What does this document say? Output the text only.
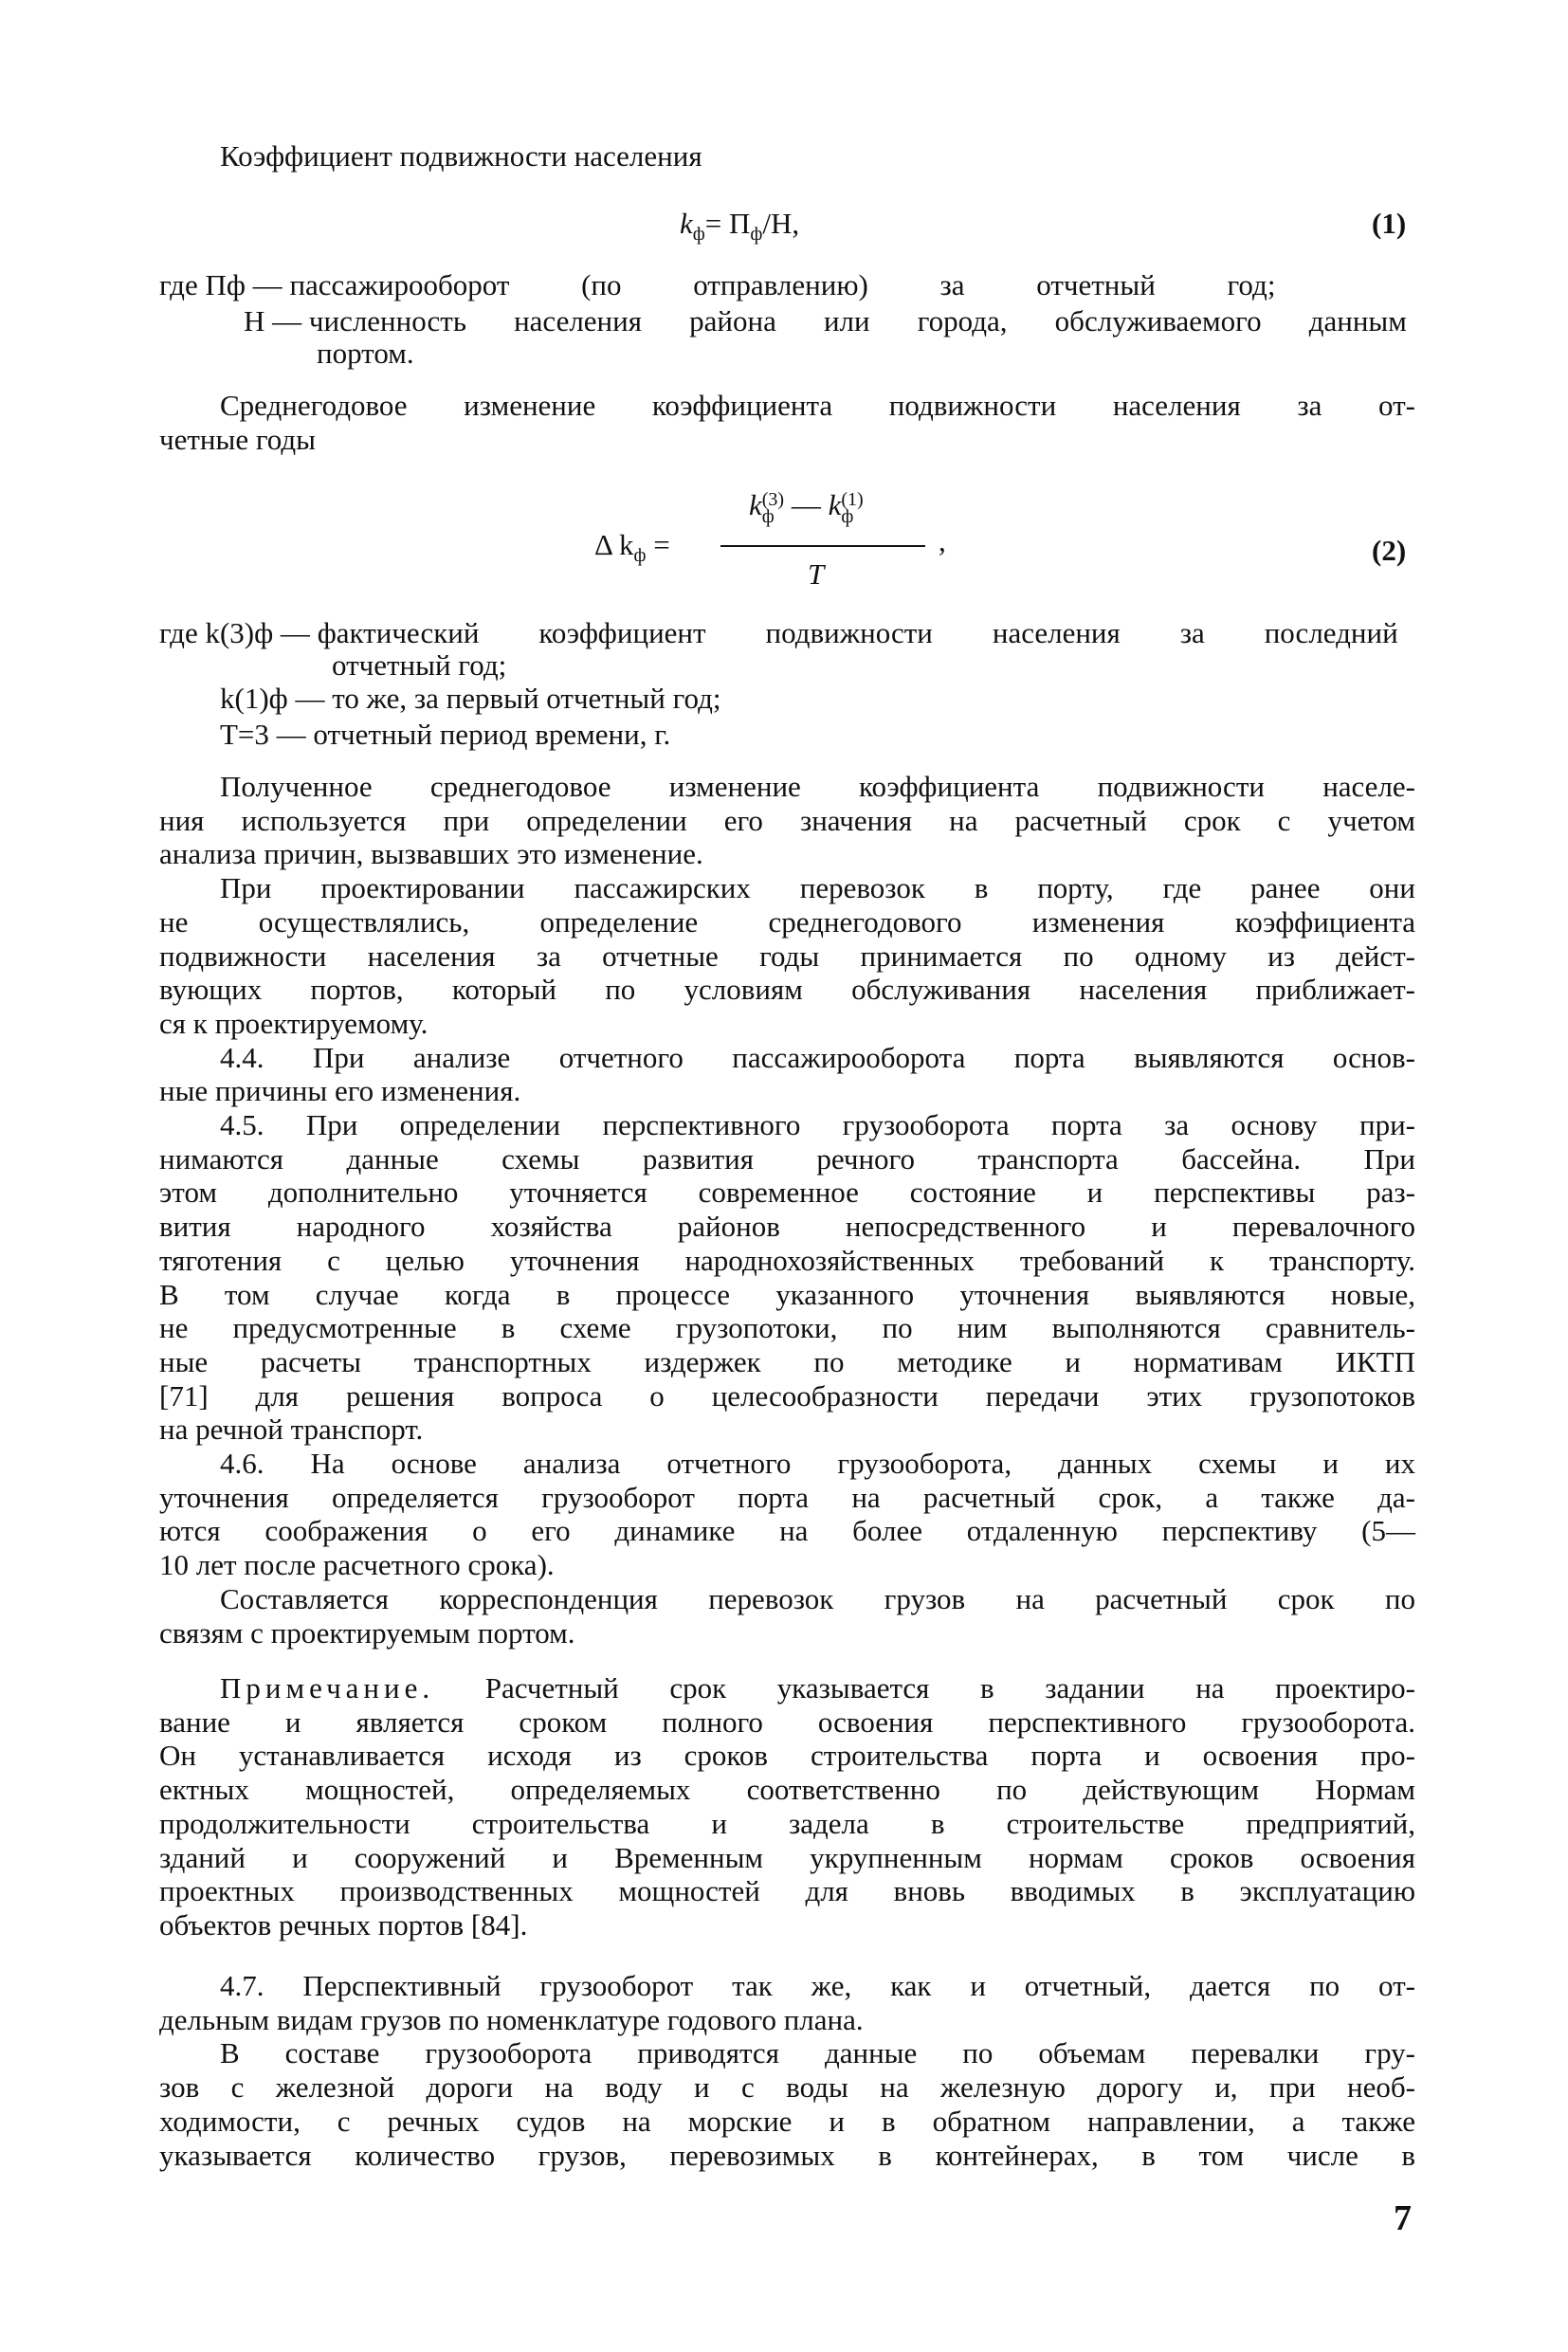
Коэффициент подвижности населения
$k_ф= П_ф/Н$,	(1)
где Пф — пассажирооборот (по отправлению) за отчетный год;
Н — численность населения района или города, обслуживаемого данным
портом.
Среднегодовое изменение коэффициента подвижности населения за от-
четные годы
Δ $k_ф$ =
k (3)
ф — k (1)
ф
T
,	(2)
где k(3)ф — фактический коэффициент подвижности населения за последний
отчетный год;
k(1)ф — то же, за первый отчетный год;
T=3 — отчетный период времени, г.
Полученное среднегодовое изменение коэффициента подвижности населе-
ния используется при определении его значения на расчетный срок с учетом
анализа причин, вызвавших это изменение.
При проектировании пассажирских перевозок в порту, где ранее они
не осуществлялись, определение среднегодового изменения коэффициента
подвижности населения за отчетные годы принимается по одному из дейст-
вующих портов, который по условиям обслуживания населения приближает-
ся к проектируемому.
4.4. При анализе отчетного пассажирооборота порта выявляются основ-
ные причины его изменения.
4.5. При определении перспективного грузооборота порта за основу при-
нимаются данные схемы развития речного транспорта бассейна. При
этом дополнительно уточняется современное состояние и перспективы раз-
вития народного хозяйства районов непосредственного и перевалочного
тяготения с целью уточнения народнохозяйственных требований к транспорту.
В том случае когда в процессе указанного уточнения выявляются новые,
не предусмотренные в схеме грузопотоки, по ним выполняются сравнитель-
ные расчеты транспортных издержек по методике и нормативам ИКТП
[71] для решения вопроса о целесообразности передачи этих грузопотоков
на речной транспорт.
4.6. На основе анализа отчетного грузооборота, данных схемы и их
уточнения определяется грузооборот порта на расчетный срок, а также да-
ются соображения о его динамике на более отдаленную перспективу (5—
10 лет после расчетного срока).
Составляется корреспонденция перевозок грузов на расчетный срок по
связям с проектируемым портом.
Примечание. Расчетный срок указывается в задании на проектиро-
вание и является сроком полного освоения перспективного грузооборота.
Он устанавливается исходя из сроков строительства порта и освоения про-
ектных мощностей, определяемых соответственно по действующим Нормам
продолжительности строительства и задела в строительстве предприятий,
зданий и сооружений и Временным укрупненным нормам сроков освоения
проектных производственных мощностей для вновь вводимых в эксплуатацию
объектов речных портов [84].
4.7. Перспективный грузооборот так же, как и отчетный, дается по от-
дельным видам грузов по номенклатуре годового плана.
В составе грузооборота приводятся данные по объемам перевалки гру-
зов с железной дороги на воду и с воды на железную дорогу и, при необ-
ходимости, с речных судов на морские и в обратном направлении, а также
указывается количество грузов, перевозимых в контейнерах, в том числе в
7
